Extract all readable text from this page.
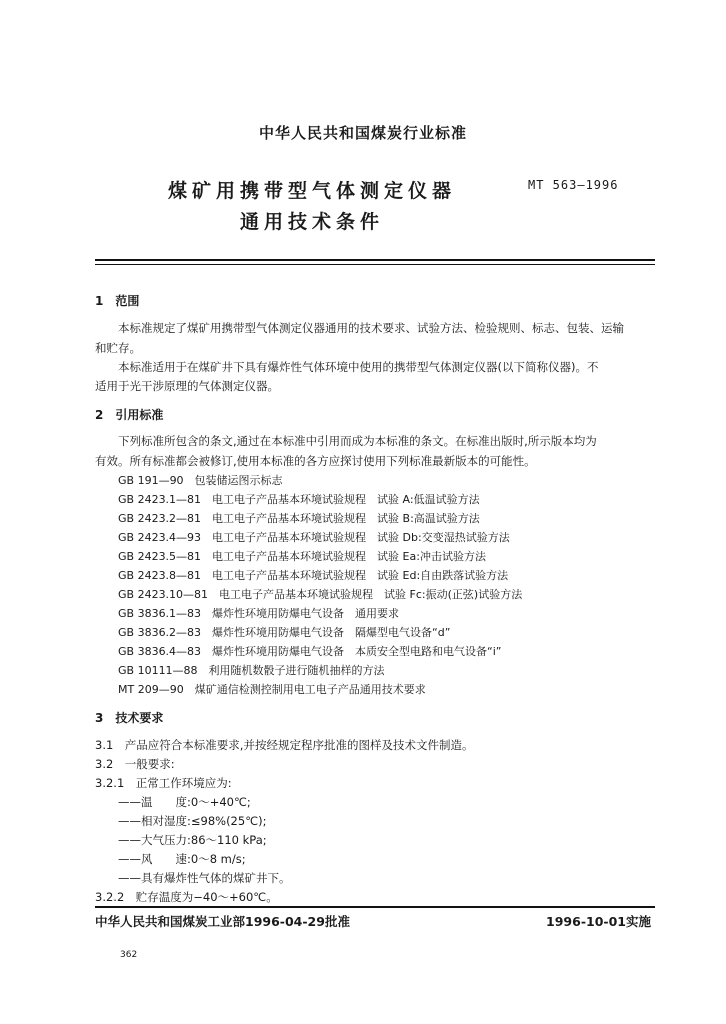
中华人民共和国煤炭行业标准
煤矿用携带型气体测定仪器
通用技术条件
MT 563—1996
1　范围
本标准规定了煤矿用携带型气体测定仪器通用的技术要求、试验方法、检验规则、标志、包装、运输
和贮存。
本标准适用于在煤矿井下具有爆炸性气体环境中使用的携带型气体测定仪器(以下简称仪器)。不
适用于光干涉原理的气体测定仪器。
2　引用标准
下列标准所包含的条文,通过在本标准中引用而成为本标准的条文。在标准出版时,所示版本均为
有效。所有标准都会被修订,使用本标准的各方应探讨使用下列标准最新版本的可能性。
GB 191—90　包装储运图示标志
GB 2423.1—81　电工电子产品基本环境试验规程　试验 A:低温试验方法
GB 2423.2—81　电工电子产品基本环境试验规程　试验 B:高温试验方法
GB 2423.4—93　电工电子产品基本环境试验规程　试验 Db:交变湿热试验方法
GB 2423.5—81　电工电子产品基本环境试验规程　试验 Ea:冲击试验方法
GB 2423.8—81　电工电子产品基本环境试验规程　试验 Ed:自由跌落试验方法
GB 2423.10—81　电工电子产品基本环境试验规程　试验 Fc:振动(正弦)试验方法
GB 3836.1—83　爆炸性环境用防爆电气设备　通用要求
GB 3836.2—83　爆炸性环境用防爆电气设备　隔爆型电气设备“d”
GB 3836.4—83　爆炸性环境用防爆电气设备　本质安全型电路和电气设备“i”
GB 10111—88　利用随机数骰子进行随机抽样的方法
MT 209—90　煤矿通信检测控制用电工电子产品通用技术要求
3　技术要求
3.1　产品应符合本标准要求,并按经规定程序批准的图样及技术文件制造。
3.2　一般要求:
3.2.1　正常工作环境应为:
——温　　度:0～+40℃;
——相对湿度:≤98%(25℃);
——大气压力:86～110 kPa;
——风　　速:0～8 m/s;
——具有爆炸性气体的煤矿井下。
3.2.2　贮存温度为−40～+60℃。
中华人民共和国煤炭工业部1996-04-29批准	1996-10-01实施
362
